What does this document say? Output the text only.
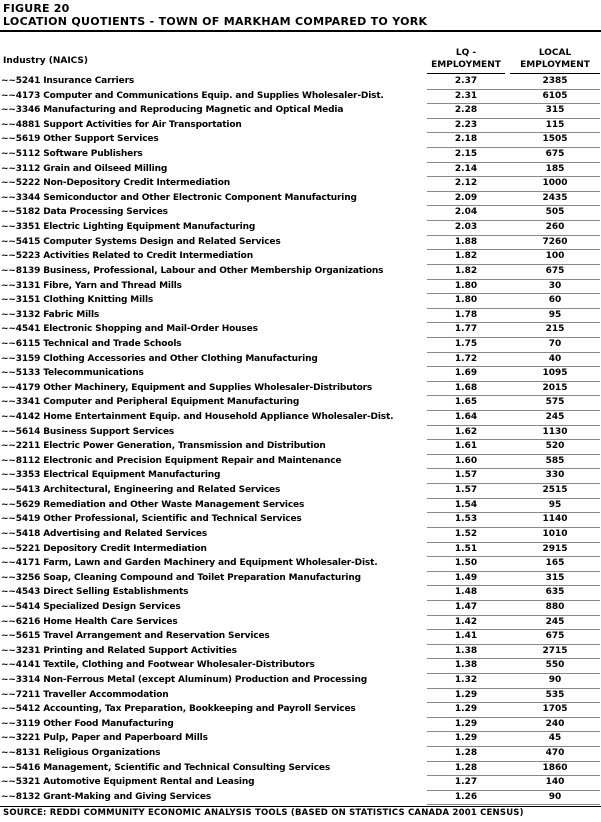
FIGURE 20
LOCATION QUOTIENTS - TOWN OF MARKHAM COMPARED TO YORK
Industry (NAICS)
LQ -
EMPLOYMENT
LOCAL
EMPLOYMENT
~~5241 Insurance Carriers	2.37	2385
~~4173 Computer and Communications Equip. and Supplies Wholesaler-Dist.	2.31	6105
~~3346 Manufacturing and Reproducing Magnetic and Optical Media	2.28	315
~~4881 Support Activities for Air Transportation	2.23	115
~~5619 Other Support Services	2.18	1505
~~5112 Software Publishers	2.15	675
~~3112 Grain and Oilseed Milling	2.14	185
~~5222 Non-Depository Credit Intermediation	2.12	1000
~~3344 Semiconductor and Other Electronic Component Manufacturing	2.09	2435
~~5182 Data Processing Services	2.04	505
~~3351 Electric Lighting Equipment Manufacturing	2.03	260
~~5415 Computer Systems Design and Related Services	1.88	7260
~~5223 Activities Related to Credit Intermediation	1.82	100
~~8139 Business, Professional, Labour and Other Membership Organizations	1.82	675
~~3131 Fibre, Yarn and Thread Mills	1.80	30
~~3151 Clothing Knitting Mills	1.80	60
~~3132 Fabric Mills	1.78	95
~~4541 Electronic Shopping and Mail-Order Houses	1.77	215
~~6115 Technical and Trade Schools	1.75	70
~~3159 Clothing Accessories and Other Clothing Manufacturing	1.72	40
~~5133 Telecommunications	1.69	1095
~~4179 Other Machinery, Equipment and Supplies Wholesaler-Distributors	1.68	2015
~~3341 Computer and Peripheral Equipment Manufacturing	1.65	575
~~4142 Home Entertainment Equip. and Household Appliance Wholesaler-Dist.	1.64	245
~~5614 Business Support Services	1.62	1130
~~2211 Electric Power Generation, Transmission and Distribution	1.61	520
~~8112 Electronic and Precision Equipment Repair and Maintenance	1.60	585
~~3353 Electrical Equipment Manufacturing	1.57	330
~~5413 Architectural, Engineering and Related Services	1.57	2515
~~5629 Remediation and Other Waste Management Services	1.54	95
~~5419 Other Professional, Scientific and Technical Services	1.53	1140
~~5418 Advertising and Related Services	1.52	1010
~~5221 Depository Credit Intermediation	1.51	2915
~~4171 Farm, Lawn and Garden Machinery and Equipment Wholesaler-Dist.	1.50	165
~~3256 Soap, Cleaning Compound and Toilet Preparation Manufacturing	1.49	315
~~4543 Direct Selling Establishments	1.48	635
~~5414 Specialized Design Services	1.47	880
~~6216 Home Health Care Services	1.42	245
~~5615 Travel Arrangement and Reservation Services	1.41	675
~~3231 Printing and Related Support Activities	1.38	2715
~~4141 Textile, Clothing and Footwear Wholesaler-Distributors	1.38	550
~~3314 Non-Ferrous Metal (except Aluminum) Production and Processing	1.32	90
~~7211 Traveller Accommodation	1.29	535
~~5412 Accounting, Tax Preparation, Bookkeeping and Payroll Services	1.29	1705
~~3119 Other Food Manufacturing	1.29	240
~~3221 Pulp, Paper and Paperboard Mills	1.29	45
~~8131 Religious Organizations	1.28	470
~~5416 Management, Scientific and Technical Consulting Services	1.28	1860
~~5321 Automotive Equipment Rental and Leasing	1.27	140
~~8132 Grant-Making and Giving Services	1.26	90
SOURCE: REDDI COMMUNITY ECONOMIC ANALYSIS TOOLS (BASED ON STATISTICS CANADA 2001 CENSUS)
